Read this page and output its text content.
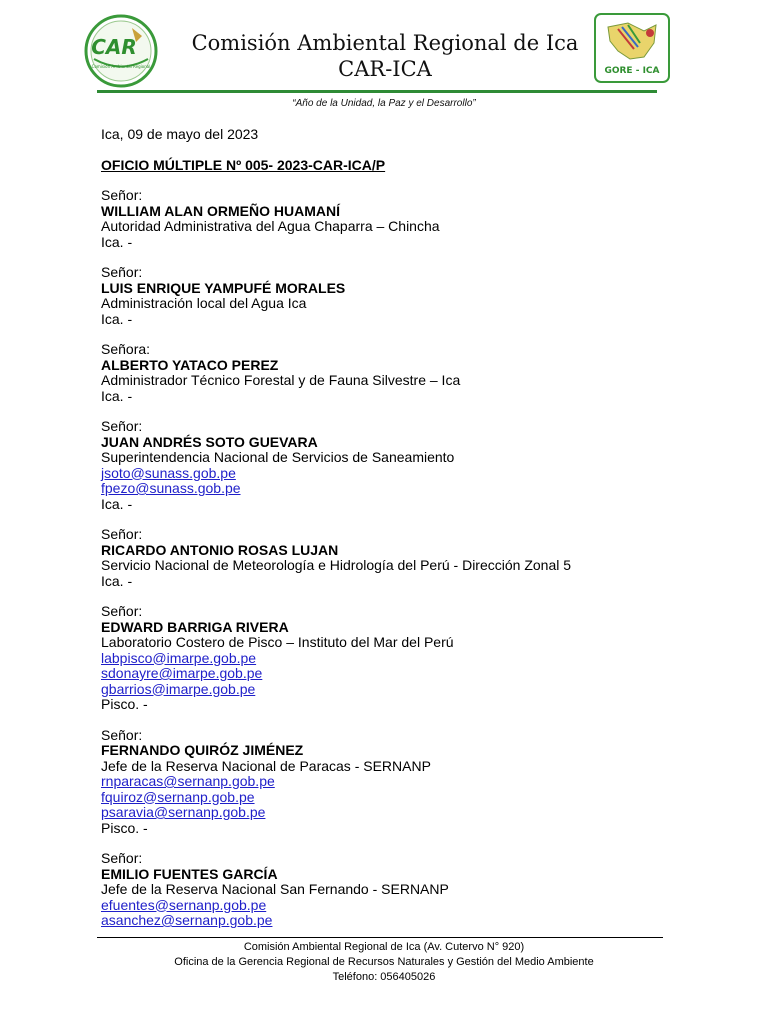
CAR
Comisión Ambiental Regional
Comisión Ambiental Regional de Ica
CAR-ICA	GORE - ICA
“Año de la Unidad, la Paz y el Desarrollo”

Ica, 09 de mayo del 2023

OFICIO MÚLTIPLE Nº 005- 2023-CAR-ICA/P

Señor:

WILLIAM ALAN ORMEÑO HUAMANÍ

Autoridad Administrativa del Agua Chaparra – Chincha

Ica. -

Señor:

LUIS ENRIQUE YAMPUFÉ MORALES

Administración local del Agua Ica

Ica. -

Señora:

ALBERTO YATACO PEREZ

Administrador Técnico Forestal y de Fauna Silvestre – Ica

Ica. -

Señor:

JUAN ANDRÉS SOTO GUEVARA

Superintendencia Nacional de Servicios de Saneamiento

jsoto@sunass.gob.pe

fpezo@sunass.gob.pe

Ica. -

Señor:

RICARDO ANTONIO ROSAS LUJAN

Servicio Nacional de Meteorología e Hidrología del Perú - Dirección Zonal 5

Ica. -

Señor:

EDWARD BARRIGA RIVERA

Laboratorio Costero de Pisco – Instituto del Mar del Perú

labpisco@imarpe.gob.pe

sdonayre@imarpe.gob.pe

gbarrios@imarpe.gob.pe

Pisco. -

Señor:

FERNANDO QUIRÓZ JIMÉNEZ

Jefe de la Reserva Nacional de Paracas - SERNANP

rnparacas@sernanp.gob.pe

fquiroz@sernanp.gob.pe

psaravia@sernanp.gob.pe

Pisco. -

Señor:

EMILIO FUENTES GARCÍA

Jefe de la Reserva Nacional San Fernando - SERNANP

efuentes@sernanp.gob.pe

asanchez@sernanp.gob.pe

Comisión Ambiental Regional de Ica (Av. Cutervo N° 920)

Oficina de la Gerencia Regional de Recursos Naturales y Gestión del Medio Ambiente

Teléfono: 056405026
